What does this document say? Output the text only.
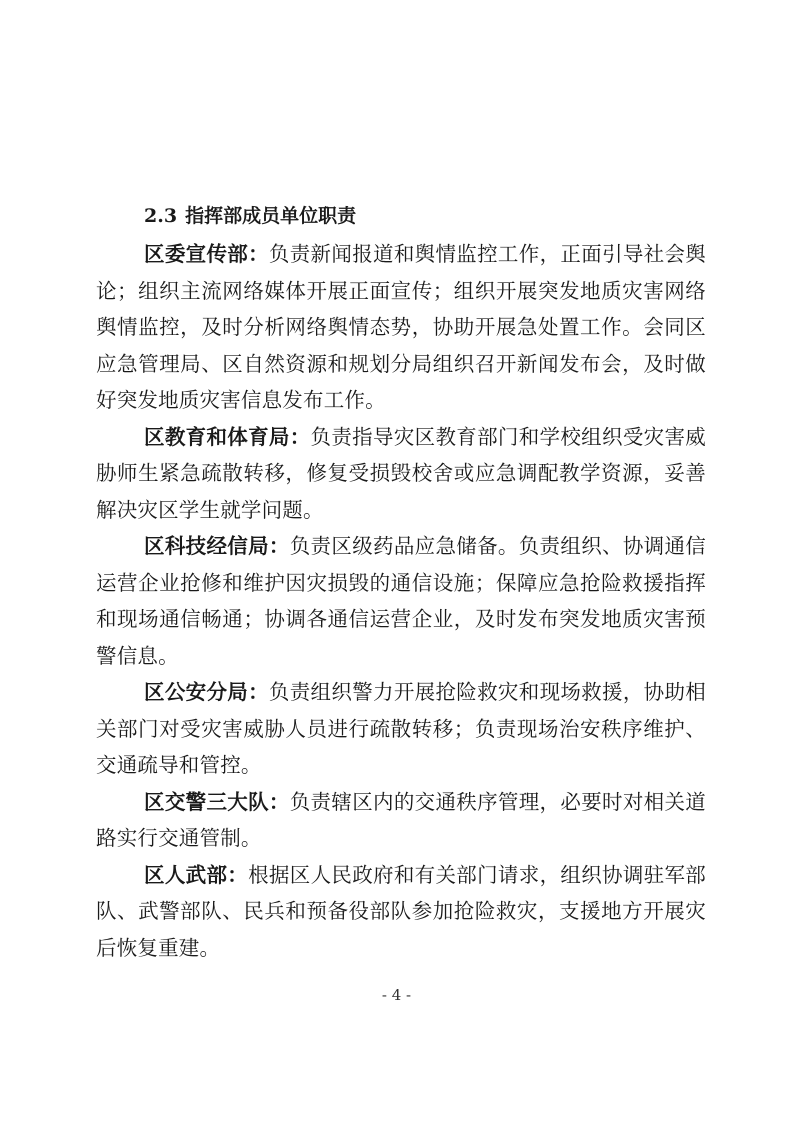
2.3 指挥部成员单位职责

区委宣传部：负责新闻报道和舆情监控工作，正面引导社会舆论；组织主流网络媒体开展正面宣传；组织开展突发地质灾害网络舆情监控，及时分析网络舆情态势，协助开展急处置工作。会同区应急管理局、区自然资源和规划分局组织召开新闻发布会，及时做好突发地质灾害信息发布工作。

区教育和体育局：负责指导灾区教育部门和学校组织受灾害威胁师生紧急疏散转移，修复受损毁校舍或应急调配教学资源，妥善解决灾区学生就学问题。

区科技经信局：负责区级药品应急储备。负责组织、协调通信运营企业抢修和维护因灾损毁的通信设施；保障应急抢险救援指挥和现场通信畅通；协调各通信运营企业，及时发布突发地质灾害预警信息。

区公安分局：负责组织警力开展抢险救灾和现场救援，协助相关部门对受灾害威胁人员进行疏散转移；负责现场治安秩序维护、交通疏导和管控。

区交警三大队：负责辖区内的交通秩序管理，必要时对相关道路实行交通管制。

区人武部：根据区人民政府和有关部门请求，组织协调驻军部队、武警部队、民兵和预备役部队参加抢险救灾，支援地方开展灾后恢复重建。

- 4 -
